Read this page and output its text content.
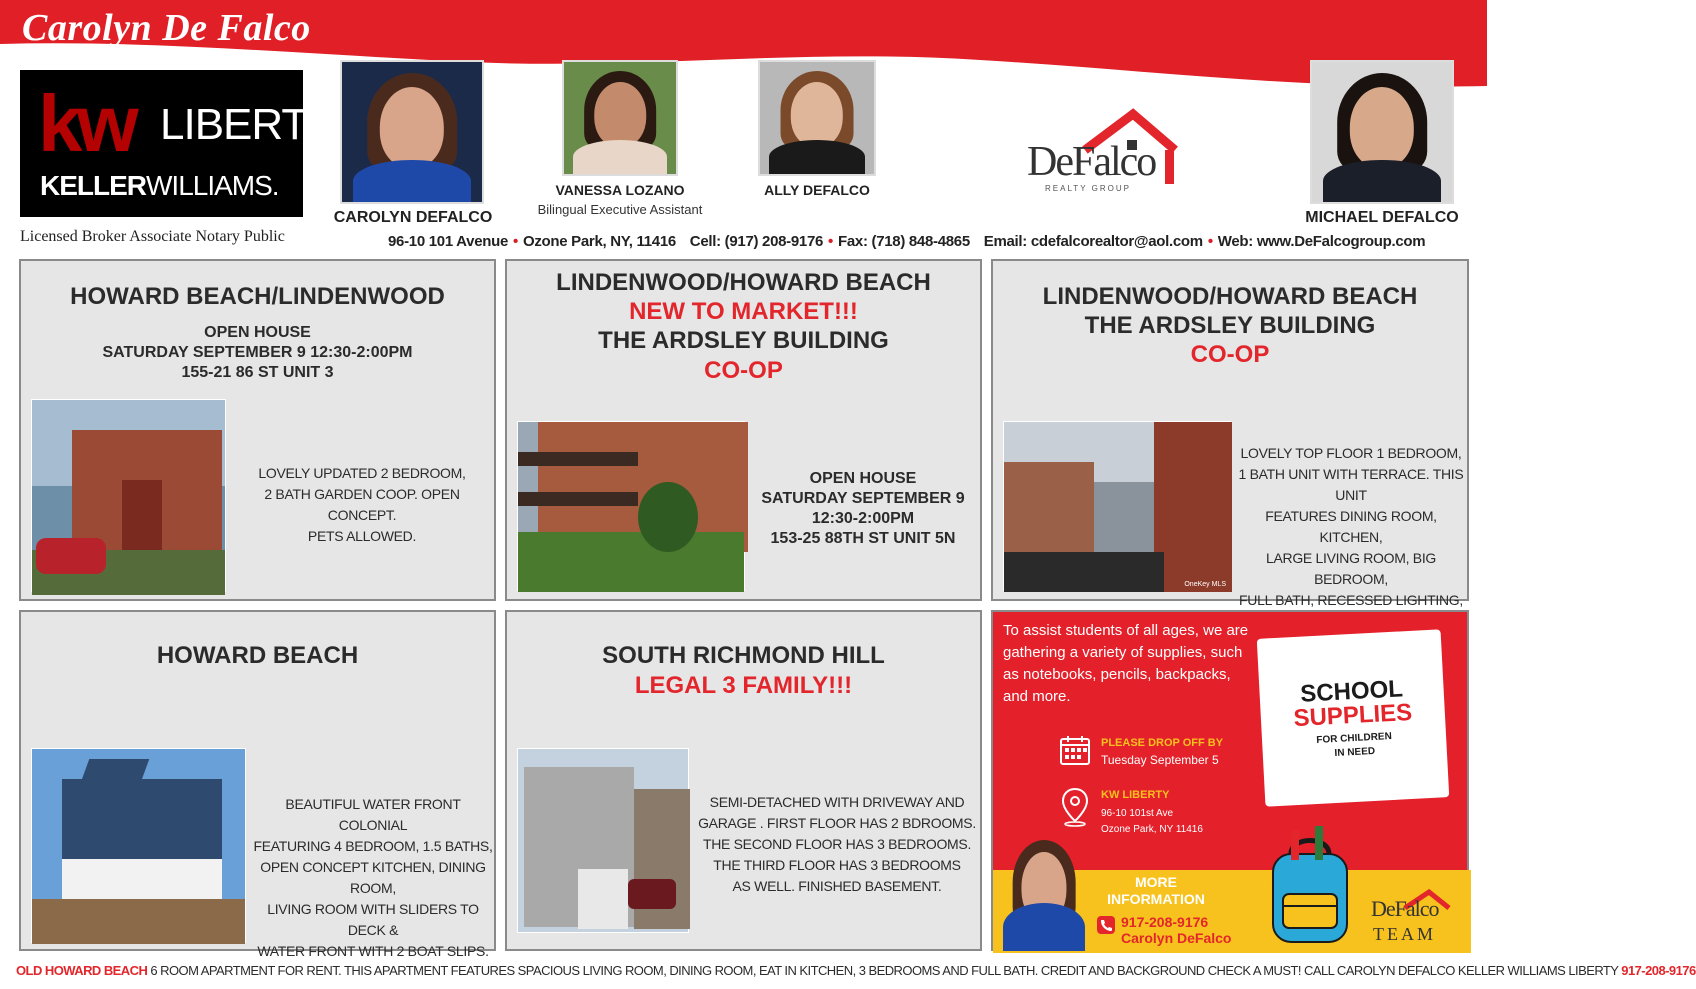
Carolyn De Falco
kw LIBERTY
KELLERWILLIAMS.
Licensed Broker Associate Notary Public
CAROLYN DEFALCO
VANESSA LOZANO
Bilingual Executive Assistant
ALLY DEFALCO
DeFalco
REALTY GROUP
MICHAEL DEFALCO
96-10 101 Avenue • Ozone Park, NY, 11416 Cell: (917) 208-9176 • Fax: (718) 848-4865 Email: cdefalcorealtor@aol.com • Web: www.DeFalcogroup.com
HOWARD BEACH/LINDENWOOD
OPEN HOUSE
SATURDAY SEPTEMBER 9 12:30-2:00PM
155-21 86 ST UNIT 3
LOVELY UPDATED 2 BEDROOM,
2 BATH GARDEN COOP. OPEN CONCEPT.
PETS ALLOWED.
LINDENWOOD/HOWARD BEACH
NEW TO MARKET!!!
THE ARDSLEY BUILDING
CO-OP
OPEN HOUSE
SATURDAY SEPTEMBER 9
12:30-2:00PM
153-25 88TH ST UNIT 5N
LINDENWOOD/HOWARD BEACH
THE ARDSLEY BUILDING
CO-OP
OneKey MLS
LOVELY TOP FLOOR 1 BEDROOM,
1 BATH UNIT WITH TERRACE. THIS UNIT
FEATURES DINING ROOM, KITCHEN,
LARGE LIVING ROOM, BIG BEDROOM,
FULL BATH, RECESSED LIGHTING,
HOWARD BEACH
BEAUTIFUL WATER FRONT COLONIAL
FEATURING 4 BEDROOM, 1.5 BATHS,
OPEN CONCEPT KITCHEN, DINING ROOM,
LIVING ROOM WITH SLIDERS TO DECK &
WATER FRONT WITH 2 BOAT SLIPS.
SOUTH RICHMOND HILL
LEGAL 3 FAMILY!!!
SEMI-DETACHED WITH DRIVEWAY AND
GARAGE . FIRST FLOOR HAS 2 BDROOMS.
THE SECOND FLOOR HAS 3 BEDROOMS.
THE THIRD FLOOR HAS 3 BEDROOMS
AS WELL. FINISHED BASEMENT.
To assist students of all ages, we are gathering a variety of supplies, such as notebooks, pencils, backpacks, and more.	SCHOOL
SUPPLIES
FOR CHILDREN
IN NEED
PLEASE DROP OFF BY
Tuesday September 5
KW LIBERTY
96-10 101st Ave
Ozone Park, NY 11416
MORE INFORMATION
917-208-9176
Carolyn DeFalco
DeFalco
TEAM
OLD HOWARD BEACH 6 ROOM APARTMENT FOR RENT. THIS APARTMENT FEATURES SPACIOUS LIVING ROOM, DINING ROOM, EAT IN KITCHEN, 3 BEDROOMS AND FULL BATH. CREDIT AND BACKGROUND CHECK A MUST! CALL CAROLYN DEFALCO KELLER WILLIAMS LIBERTY 917-208-9176
